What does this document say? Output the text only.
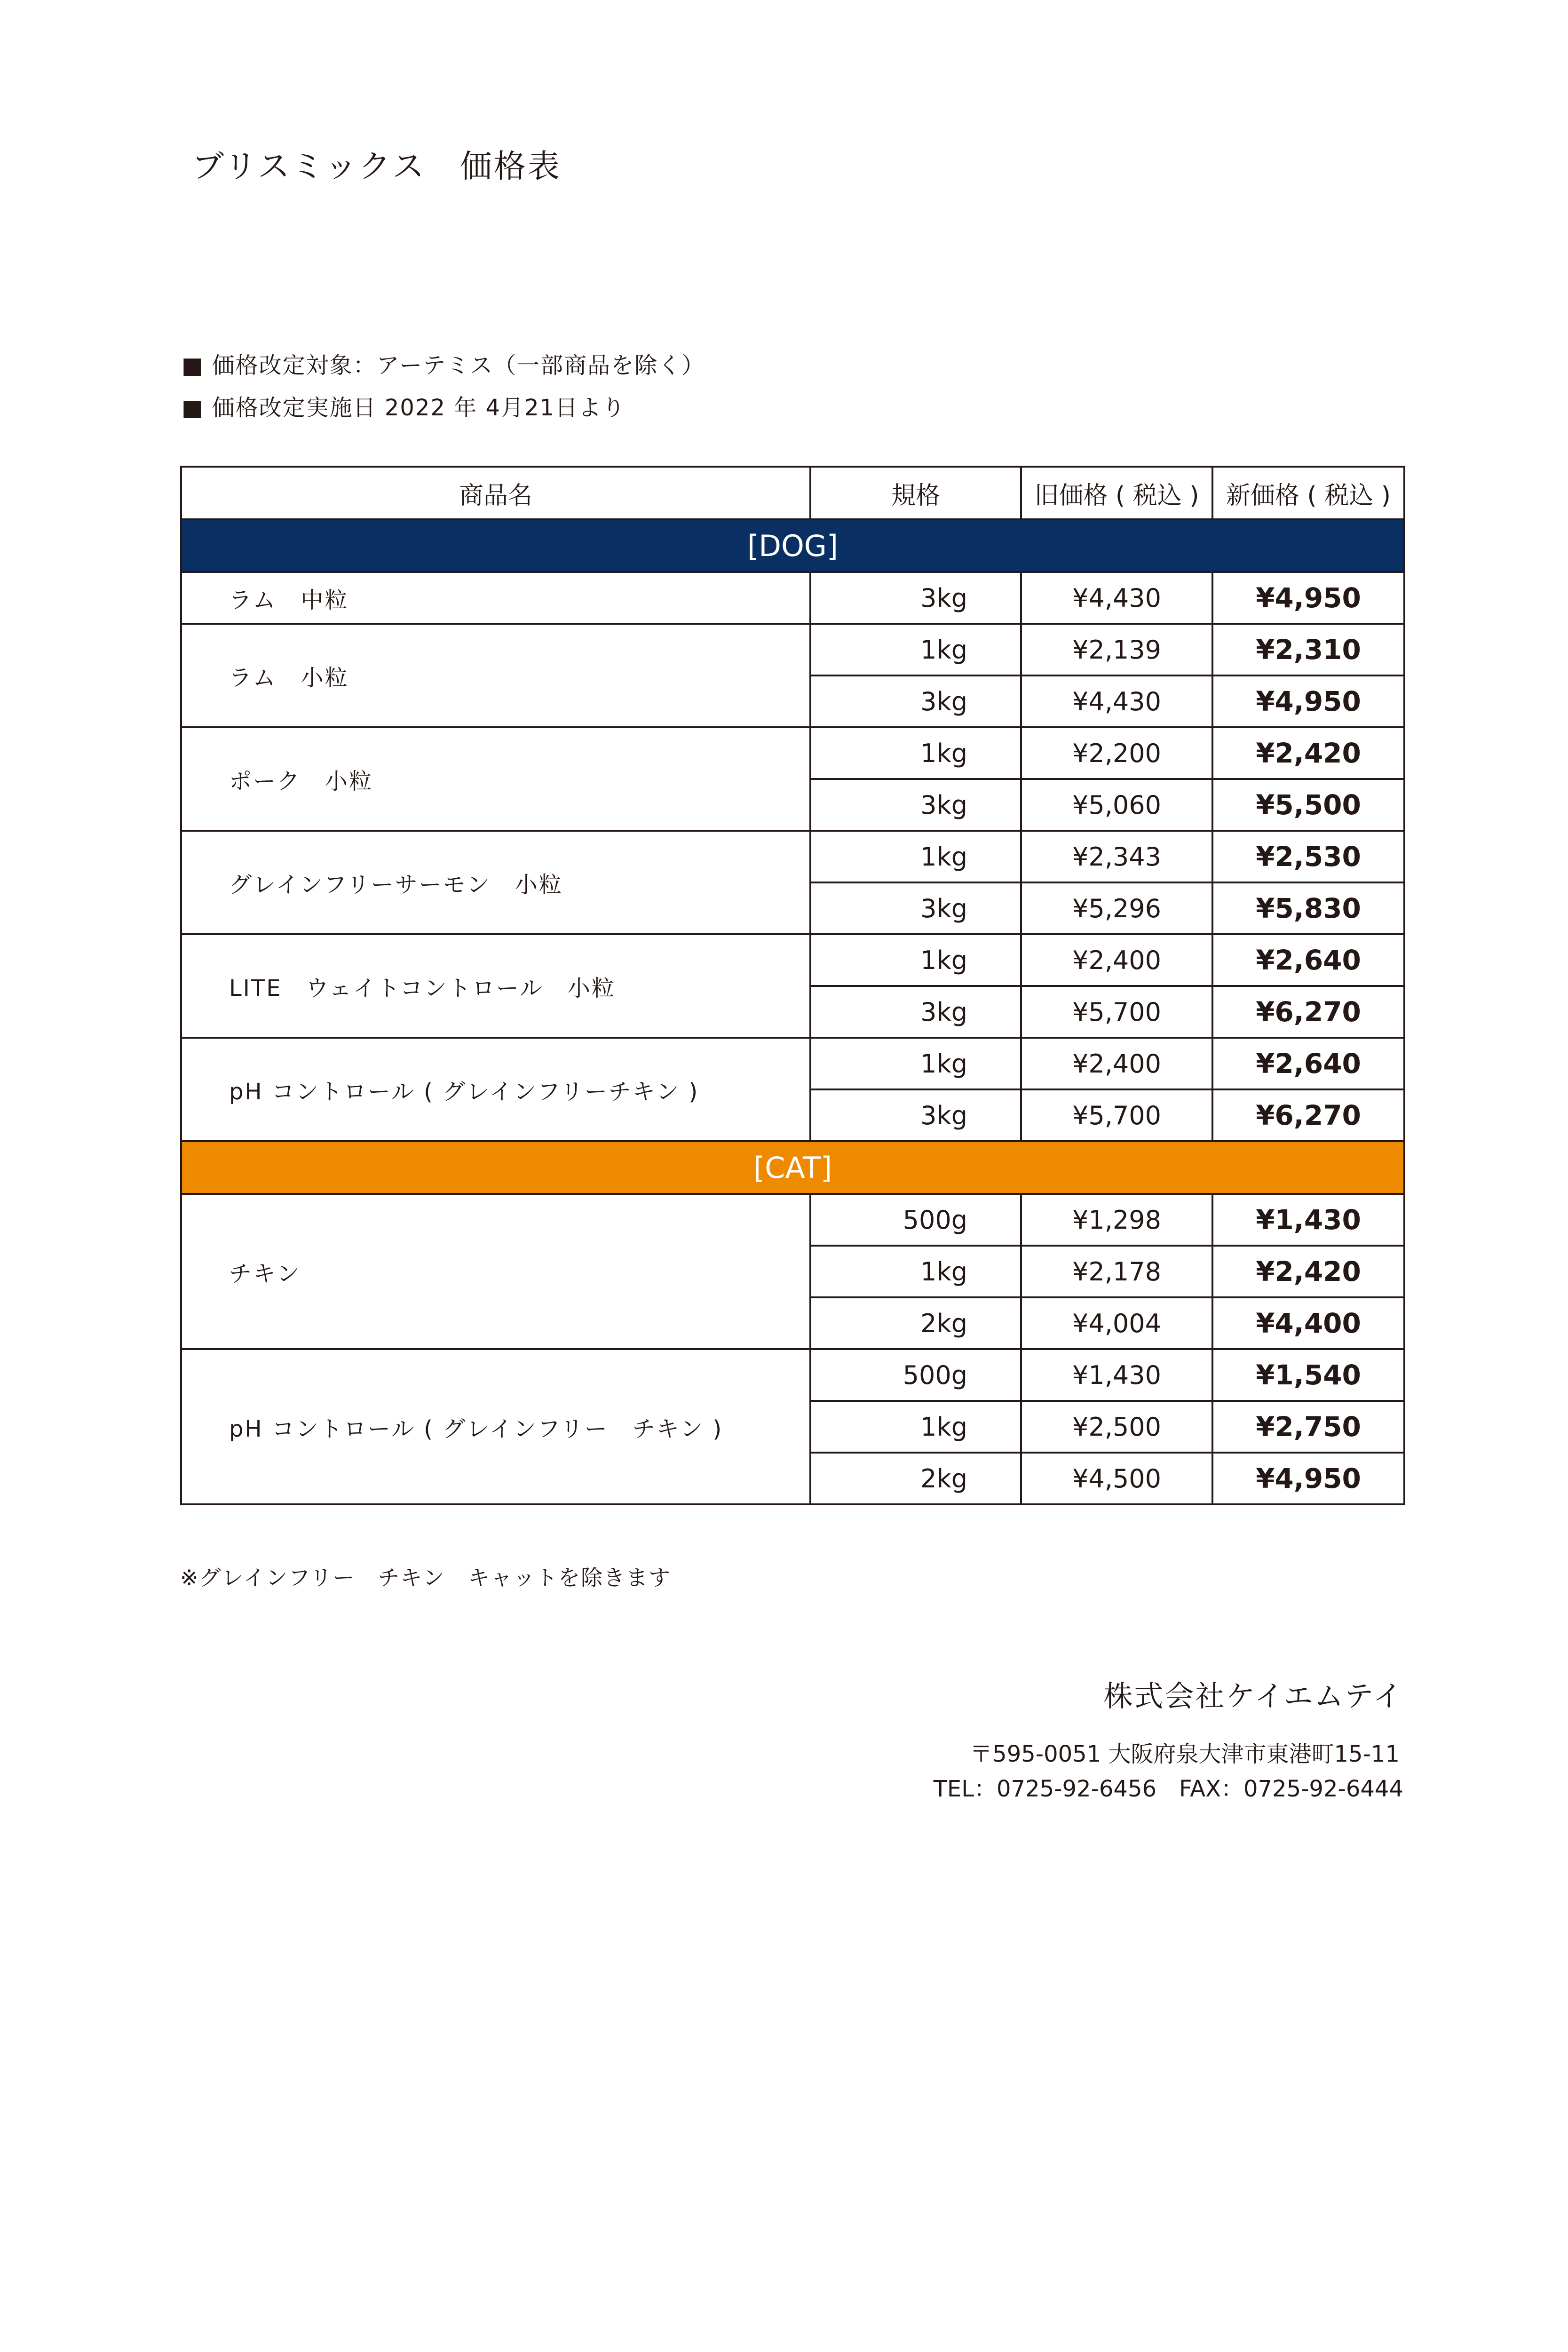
ブリスミックス　価格表
■ 価格改定対象：アーテミス（一部商品を除く）
■ 価格改定実施日 2022 年 4月21日より
商品名	規格	旧価格 ( 税込 )	新価格 ( 税込 )
[DOG]			
ラム　中粒	3kg	¥4,430	¥4,950
ラム　小粒	1kg	¥2,139	¥2,310
	3kg	¥4,430	¥4,950
ポーク　小粒	1kg	¥2,200	¥2,420
	3kg	¥5,060	¥5,500
グレインフリーサーモン　小粒	1kg	¥2,343	¥2,530
	3kg	¥5,296	¥5,830
LITE　ウェイトコントロール　小粒	1kg	¥2,400	¥2,640
	3kg	¥5,700	¥6,270
pH コントロール ( グレインフリーチキン )	1kg	¥2,400	¥2,640
	3kg	¥5,700	¥6,270
[CAT]			
チキン	500g	¥1,298	¥1,430
	1kg	¥2,178	¥2,420
	2kg	¥4,004	¥4,400
pH コントロール ( グレインフリー　チキン )	500g	¥1,430	¥1,540
	1kg	¥2,500	¥2,750
	2kg	¥4,500	¥4,950
※グレインフリー　チキン　キャットを除きます
株式会社ケイエムテイ
〒595-0051 大阪府泉大津市東港町15-11
TEL：0725-92-6456　FAX：0725-92-6444
